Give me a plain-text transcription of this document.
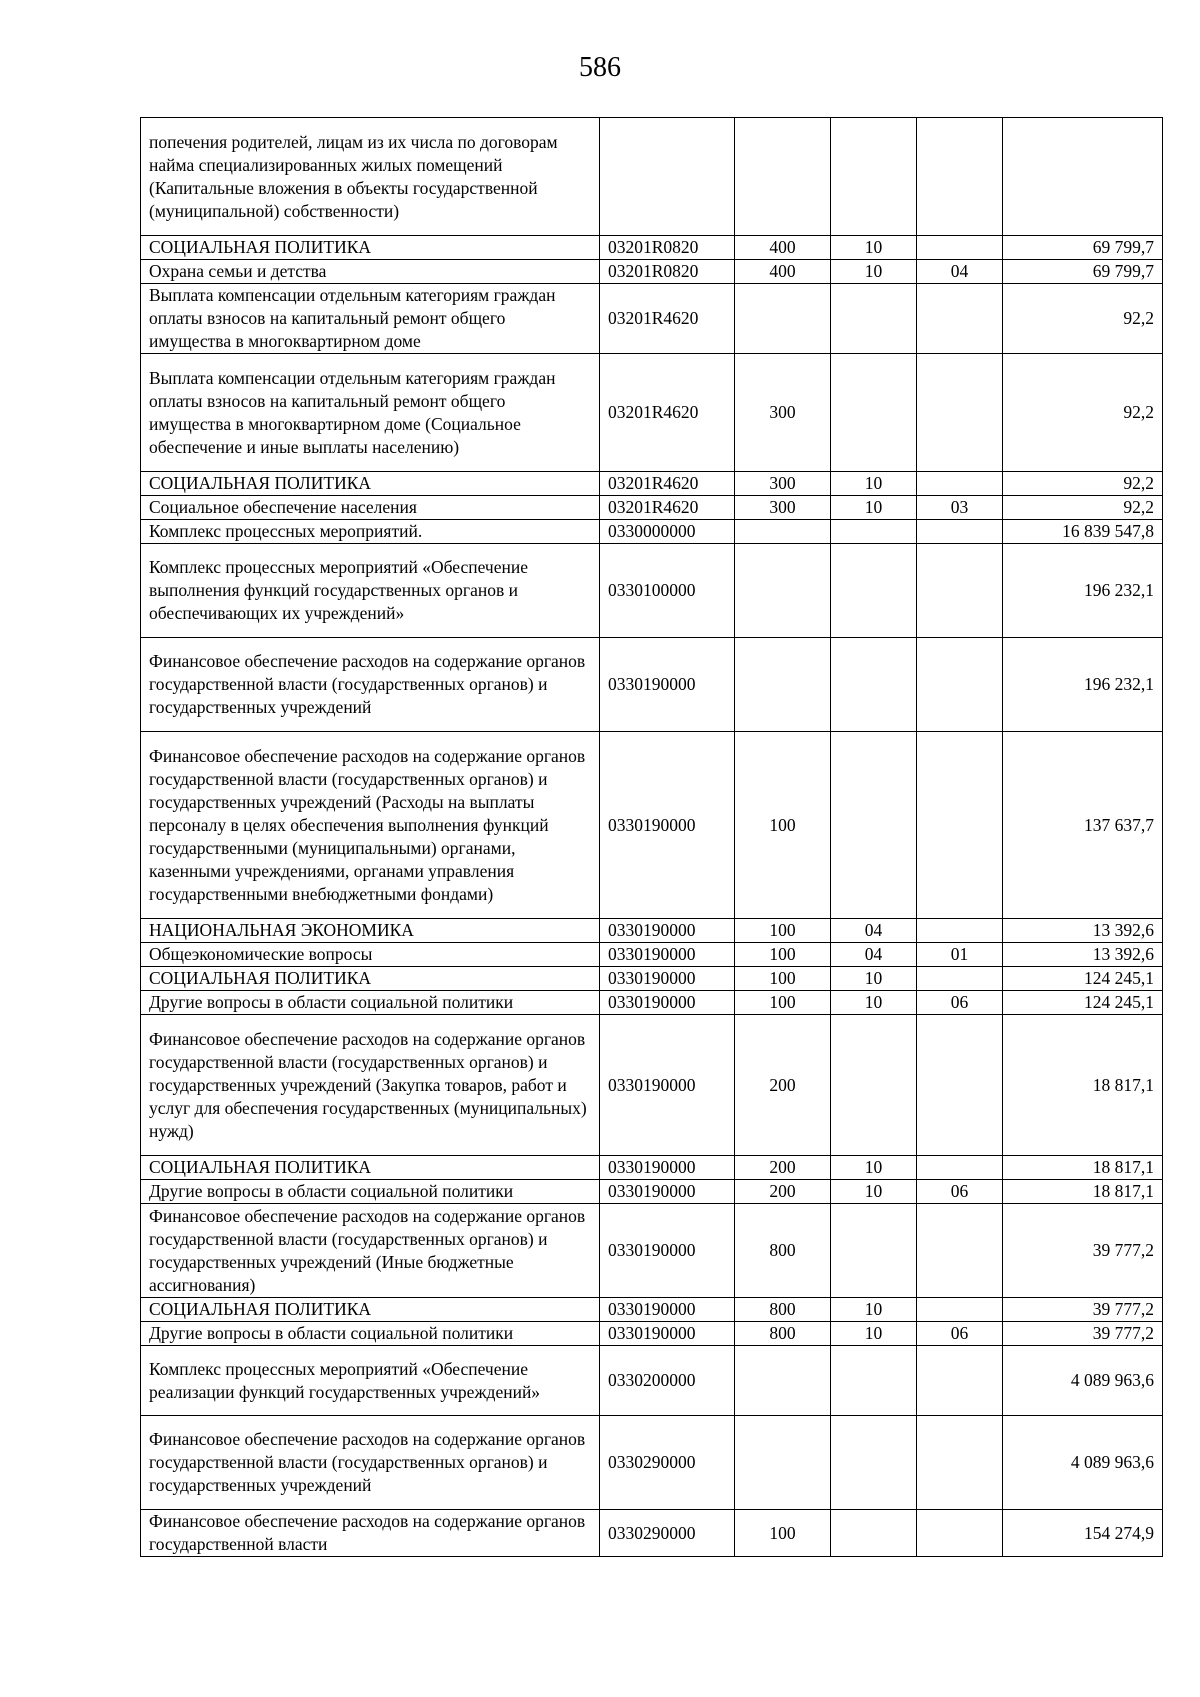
586
попечения родителей, лицам из их числа по договорам найма специализированных жилых помещений (Капитальные вложения в объекты государственной (муниципальной) собственности)					
СОЦИАЛЬНАЯ ПОЛИТИКА	03201R0820	400	10		69 799,7
Охрана семьи и детства	03201R0820	400	10	04	69 799,7
Выплата компенсации отдельным категориям граждан оплаты взносов на капитальный ремонт общего имущества в многоквартирном доме	03201R4620				92,2
Выплата компенсации отдельным категориям граждан оплаты взносов на капитальный ремонт общего имущества в многоквартирном доме (Социальное обеспечение и иные выплаты населению)	03201R4620	300			92,2
СОЦИАЛЬНАЯ ПОЛИТИКА	03201R4620	300	10		92,2
Социальное обеспечение населения	03201R4620	300	10	03	92,2
Комплекс процессных мероприятий.	0330000000				16 839 547,8
Комплекс процессных мероприятий «Обеспечение выполнения функций государственных органов и обеспечивающих их учреждений»	0330100000				196 232,1
Финансовое обеспечение расходов на содержание органов государственной власти (государственных органов) и государственных учреждений	0330190000				196 232,1
Финансовое обеспечение расходов на содержание органов государственной власти (государственных органов) и государственных учреждений (Расходы на выплаты персоналу в целях обеспечения выполнения функций государственными (муниципальными) органами, казенными учреждениями, органами управления государственными внебюджетными фондами)	0330190000	100			137 637,7
НАЦИОНАЛЬНАЯ ЭКОНОМИКА	0330190000	100	04		13 392,6
Общеэкономические вопросы	0330190000	100	04	01	13 392,6
СОЦИАЛЬНАЯ ПОЛИТИКА	0330190000	100	10		124 245,1
Другие вопросы в области социальной политики	0330190000	100	10	06	124 245,1
Финансовое обеспечение расходов на содержание органов государственной власти (государственных органов) и государственных учреждений (Закупка товаров, работ и услуг для обеспечения государственных (муниципальных) нужд)	0330190000	200			18 817,1
СОЦИАЛЬНАЯ ПОЛИТИКА	0330190000	200	10		18 817,1
Другие вопросы в области социальной политики	0330190000	200	10	06	18 817,1
Финансовое обеспечение расходов на содержание органов государственной власти (государственных органов) и государственных учреждений (Иные бюджетные ассигнования)	0330190000	800			39 777,2
СОЦИАЛЬНАЯ ПОЛИТИКА	0330190000	800	10		39 777,2
Другие вопросы в области социальной политики	0330190000	800	10	06	39 777,2
Комплекс процессных мероприятий «Обеспечение реализации функций государственных учреждений»	0330200000				4 089 963,6
Финансовое обеспечение расходов на содержание органов государственной власти (государственных органов) и государственных учреждений	0330290000				4 089 963,6
Финансовое обеспечение расходов на содержание органов государственной власти	0330290000	100			154 274,9
